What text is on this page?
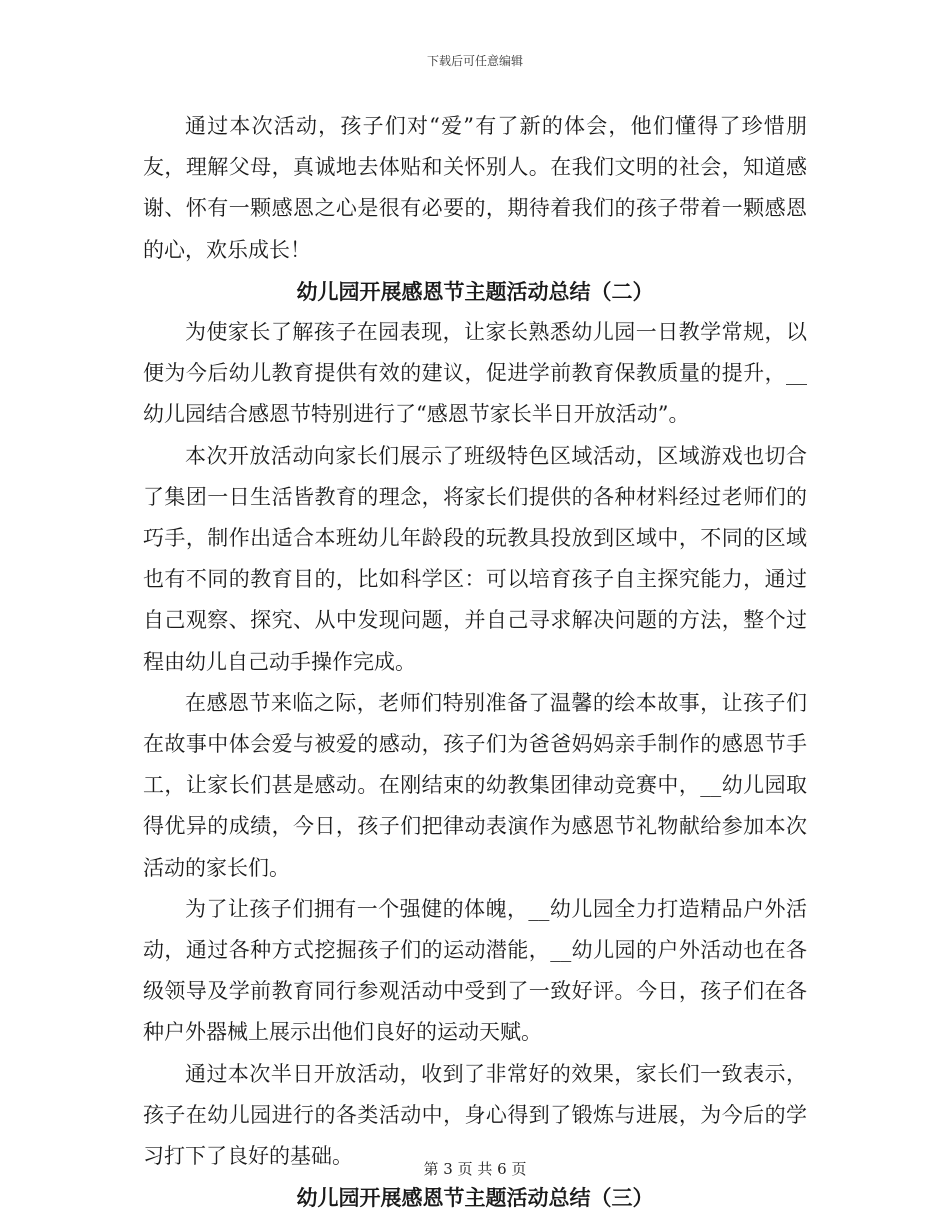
下载后可任意编辑

通过本次活动，孩子们对“爱”有了新的体会，他们懂得了珍惜朋友，理解父母，真诚地去体贴和关怀别人。在我们文明的社会，知道感谢、怀有一颗感恩之心是很有必要的，期待着我们的孩子带着一颗感恩的心，欢乐成长！

幼儿园开展感恩节主题活动总结（二）

为使家长了解孩子在园表现，让家长熟悉幼儿园一日教学常规，以便为今后幼儿教育提供有效的建议，促进学前教育保教质量的提升，__幼儿园结合感恩节特别进行了“感恩节家长半日开放活动”。

本次开放活动向家长们展示了班级特色区域活动，区域游戏也切合了集团一日生活皆教育的理念，将家长们提供的各种材料经过老师们的巧手，制作出适合本班幼儿年龄段的玩教具投放到区域中，不同的区域也有不同的教育目的，比如科学区：可以培育孩子自主探究能力，通过自己观察、探究、从中发现问题，并自己寻求解决问题的方法，整个过程由幼儿自己动手操作完成。

在感恩节来临之际，老师们特别准备了温馨的绘本故事，让孩子们在故事中体会爱与被爱的感动，孩子们为爸爸妈妈亲手制作的感恩节手工，让家长们甚是感动。在刚结束的幼教集团律动竞赛中，__幼儿园取得优异的成绩，今日，孩子们把律动表演作为感恩节礼物献给参加本次活动的家长们。

为了让孩子们拥有一个强健的体魄，__幼儿园全力打造精品户外活动，通过各种方式挖掘孩子们的运动潜能，__幼儿园的户外活动也在各级领导及学前教育同行参观活动中受到了一致好评。今日，孩子们在各种户外器械上展示出他们良好的运动天赋。

通过本次半日开放活动，收到了非常好的效果，家长们一致表示，孩子在幼儿园进行的各类活动中，身心得到了锻炼与进展，为今后的学习打下了良好的基础。

幼儿园开展感恩节主题活动总结（三）
第 3 页 共 6 页
